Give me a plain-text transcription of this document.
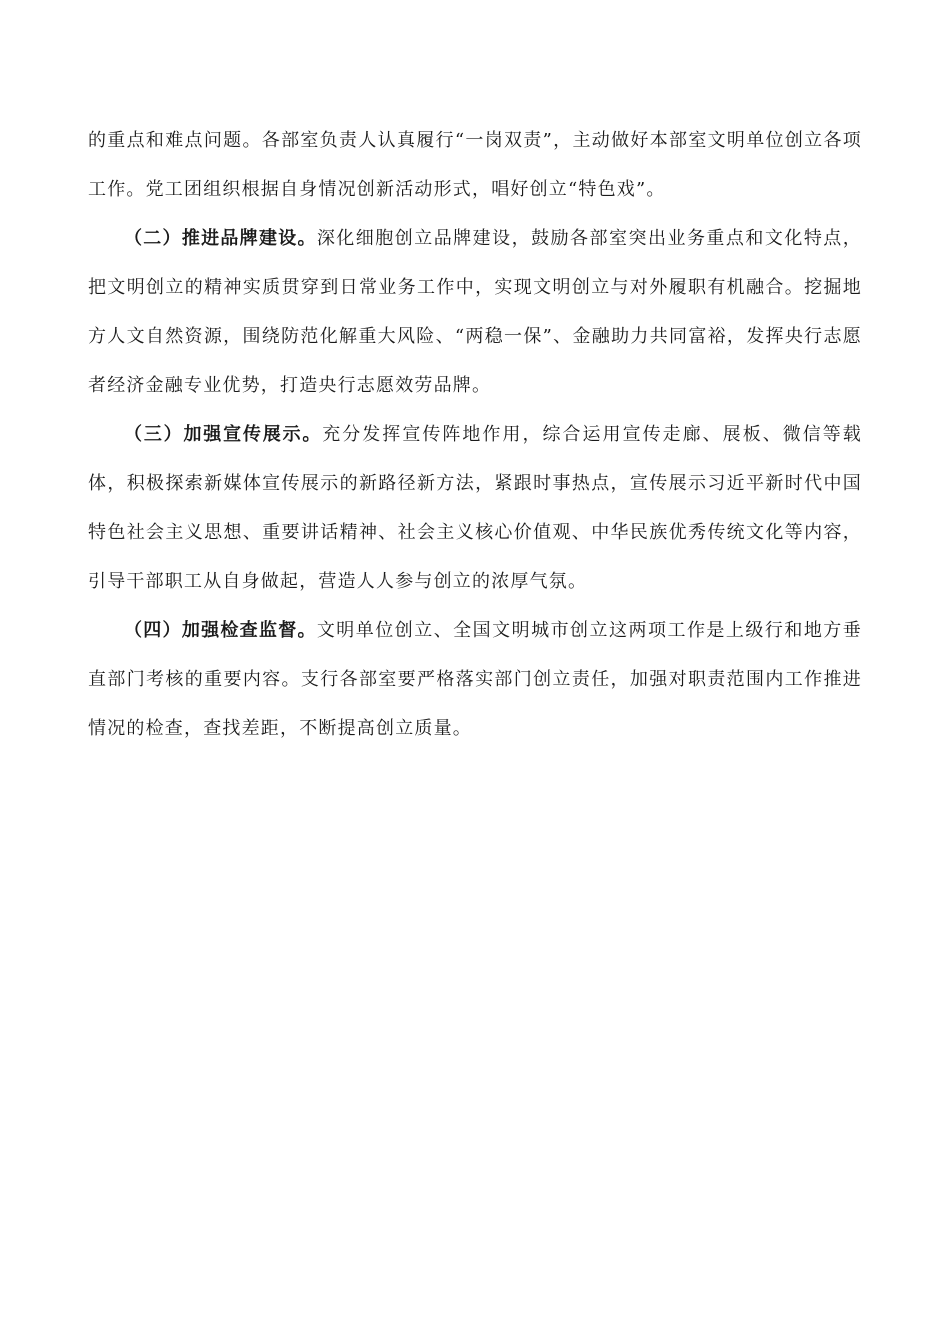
的重点和难点问题。各部室负责人认真履行“一岗双责”，主动做好本部室文明单位创立各项工作。党工团组织根据自身情况创新活动形式，唱好创立“特色戏”。

（二）推进品牌建设。深化细胞创立品牌建设，鼓励各部室突出业务重点和文化特点，把文明创立的精神实质贯穿到日常业务工作中，实现文明创立与对外履职有机融合。挖掘地方人文自然资源，围绕防范化解重大风险、“两稳一保”、金融助力共同富裕，发挥央行志愿者经济金融专业优势，打造央行志愿效劳品牌。

（三）加强宣传展示。充分发挥宣传阵地作用，综合运用宣传走廊、展板、微信等载体，积极探索新媒体宣传展示的新路径新方法，紧跟时事热点，宣传展示习近平新时代中国特色社会主义思想、重要讲话精神、社会主义核心价值观、中华民族优秀传统文化等内容，引导干部职工从自身做起，营造人人参与创立的浓厚气氛。

（四）加强检查监督。文明单位创立、全国文明城市创立这两项工作是上级行和地方垂直部门考核的重要内容。支行各部室要严格落实部门创立责任，加强对职责范围内工作推进情况的检查，查找差距，不断提高创立质量。
